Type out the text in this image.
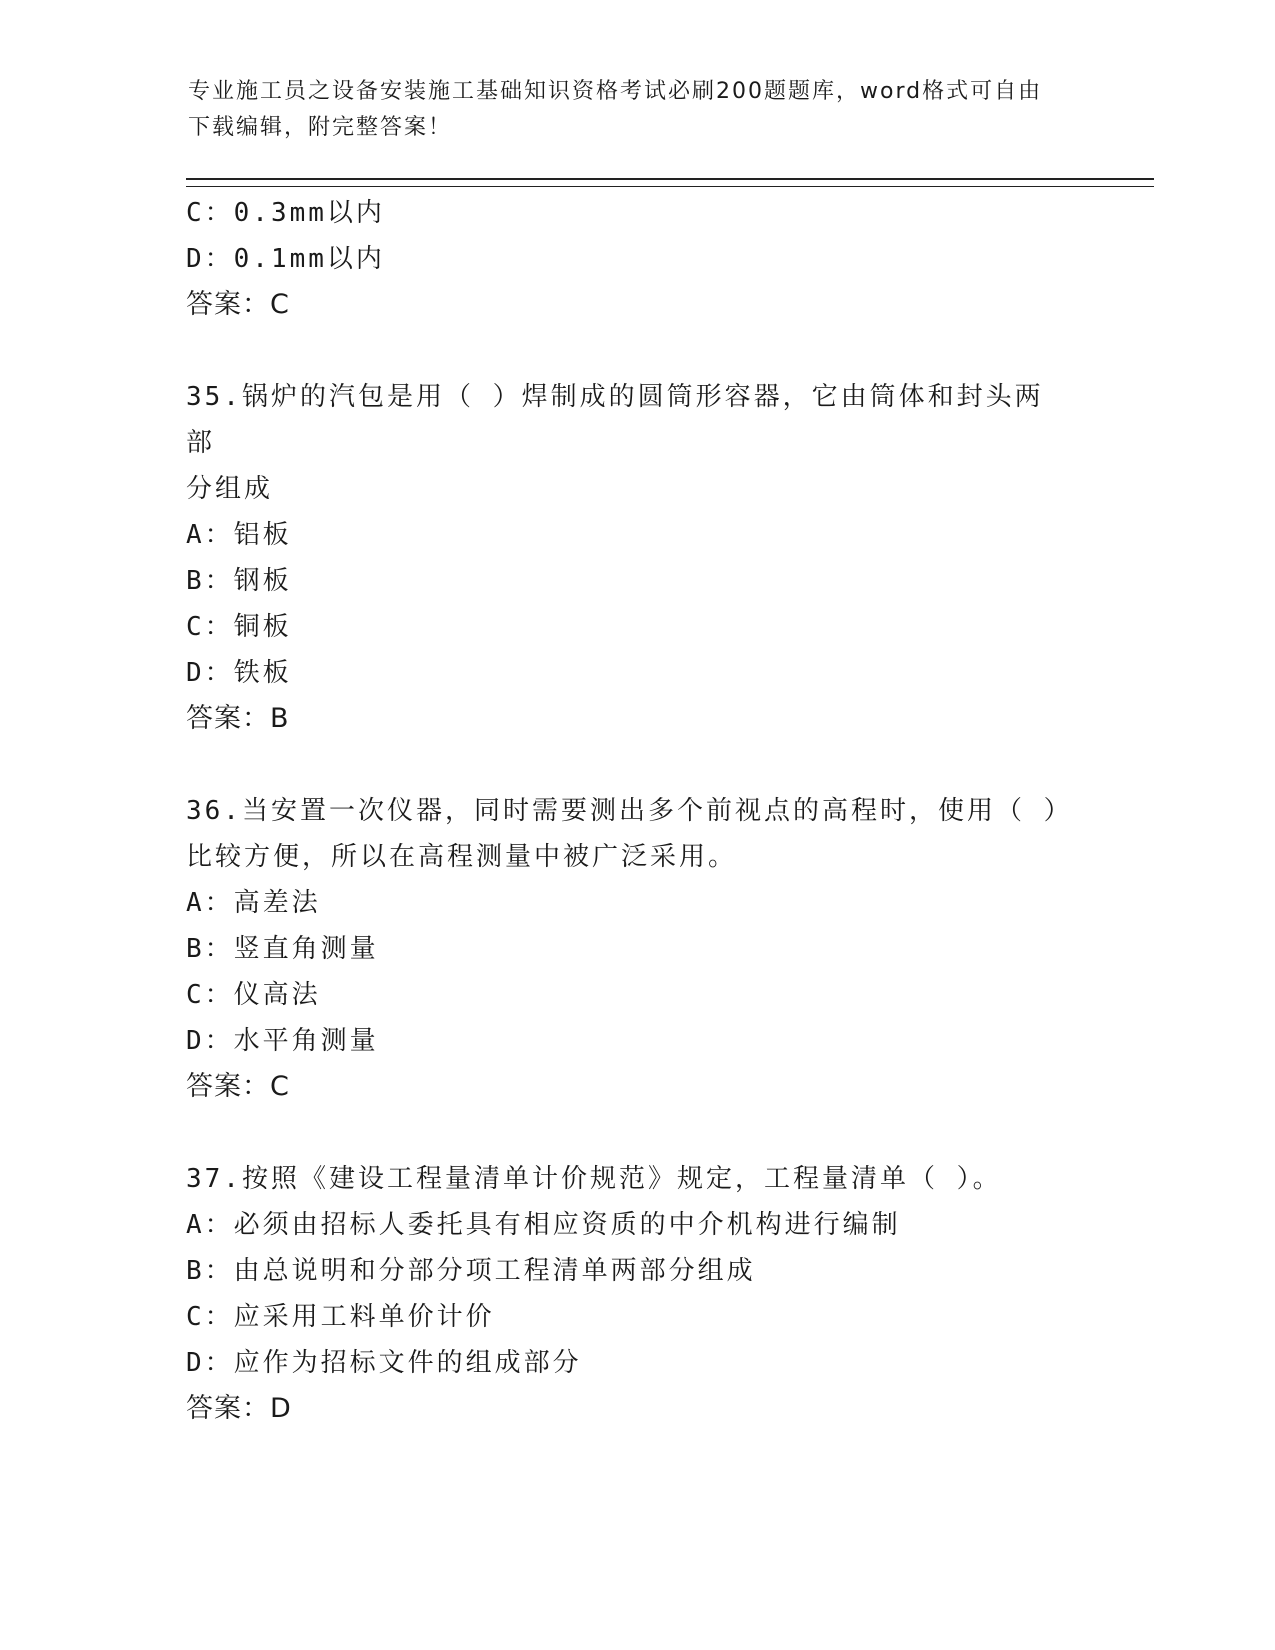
专业施工员之设备安装施工基础知识资格考试必刷200题题库，word格式可自由
下载编辑，附完整答案！
C：0.3mm以内
D：0.1mm以内
答案：C
35.锅炉的汽包是用（ ）焊制成的圆筒形容器，它由筒体和封头两部
分组成
A：铝板
B：钢板
C：铜板
D：铁板
答案：B
36.当安置一次仪器，同时需要测出多个前视点的高程时，使用（ ）
比较方便，所以在高程测量中被广泛采用。
A：高差法
B：竖直角测量
C：仪高法
D：水平角测量
答案：C
37.按照《建设工程量清单计价规范》规定，工程量清单（ ）。
A：必须由招标人委托具有相应资质的中介机构进行编制
B：由总说明和分部分项工程清单两部分组成
C：应采用工料单价计价
D：应作为招标文件的组成部分
答案：D
